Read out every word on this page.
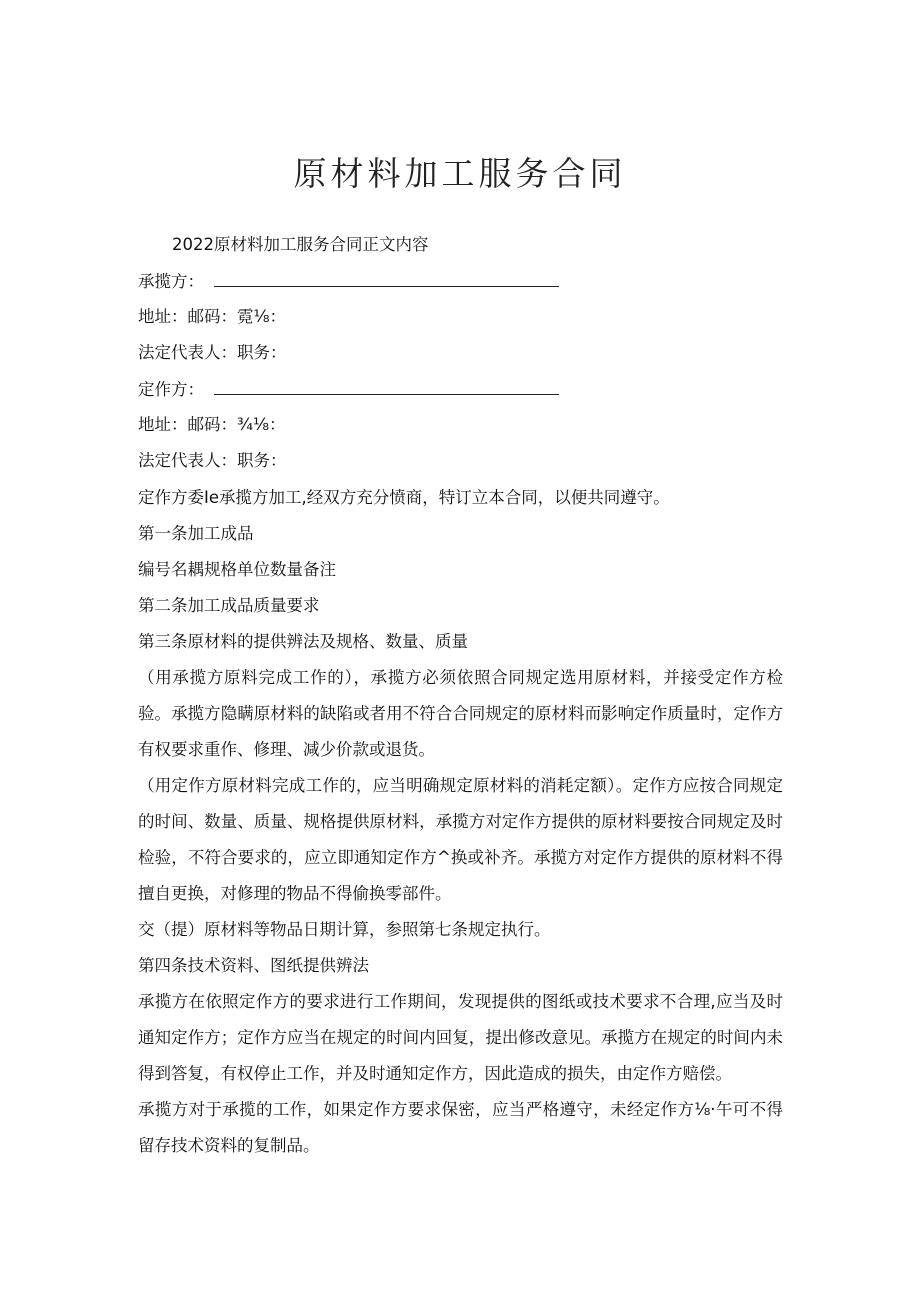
原材料加工服务合同
2022原材料加工服务合同正文内容
承揽方：
地址：邮码：霓⅛：
法定代表人：职务：
定作方：
地址：邮码：¾⅛：
法定代表人：职务：
定作方委Ie承揽方加工,经双方充分愤商，特订立本合同，以便共同遵守。
第一条加工成品
编号名耦规格单位数量备注
第二条加工成品质量要求
第三条原材料的提供辨法及规格、数量、质量
（用承揽方原料完成工作的），承揽方必须依照合同规定选用原材料，并接受定作方检验。承揽方隐瞒原材料的缺陷或者用不符合合同规定的原材料而影响定作质量时，定作方有权要求重作、修理、减少价款或退货。
（用定作方原材料完成工作的，应当明确规定原材料的消耗定额）。定作方应按合同规定的时间、数量、质量、规格提供原材料，承揽方对定作方提供的原材料要按合同规定及时检验，不符合要求的，应立即通知定作方^换或补齐。承揽方对定作方提供的原材料不得擅自更换，对修理的物品不得偷换零部件。
交（提）原材料等物品日期计算，参照第七条规定执行。
第四条技术资料、图纸提供辨法
承揽方在依照定作方的要求进行工作期间，发现提供的图纸或技术要求不合理,应当及时通知定作方；定作方应当在规定的时间内回复，提出修改意见。承揽方在规定的时间内未得到答复，有权停止工作，并及时通知定作方，因此造成的损失，由定作方赔偿。
承揽方对于承揽的工作，如果定作方要求保密，应当严格遵守，未经定作方⅛·午可不得留存技术资料的复制品。
